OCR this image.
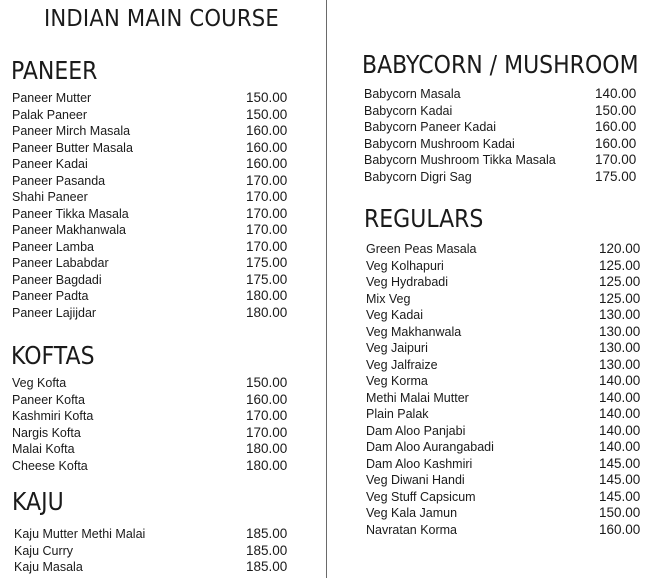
INDIAN MAIN COURSE
PANEER
Paneer Mutter	150.00
Palak Paneer	150.00
Paneer Mirch Masala	160.00
Paneer Butter Masala	160.00
Paneer Kadai	160.00
Paneer Pasanda	170.00
Shahi Paneer	170.00
Paneer Tikka Masala	170.00
Paneer Makhanwala	170.00
Paneer Lamba	170.00
Paneer Lababdar	175.00
Paneer Bagdadi	175.00
Paneer Padta	180.00
Paneer Lajijdar	180.00
KOFTAS
Veg Kofta	150.00
Paneer Kofta	160.00
Kashmiri Kofta	170.00
Nargis Kofta	170.00
Malai Kofta	180.00
Cheese Kofta	180.00
KAJU
Kaju Mutter Methi Malai	185.00
Kaju Curry	185.00
Kaju Masala	185.00
BABYCORN / MUSHROOM
Babycorn Masala	140.00
Babycorn Kadai	150.00
Babycorn Paneer Kadai	160.00
Babycorn Mushroom Kadai	160.00
Babycorn Mushroom Tikka Masala	170.00
Babycorn Digri Sag	175.00
REGULARS
Green Peas Masala	120.00
Veg Kolhapuri	125.00
Veg Hydrabadi	125.00
Mix Veg	125.00
Veg Kadai	130.00
Veg Makhanwala	130.00
Veg Jaipuri	130.00
Veg Jalfraize	130.00
Veg Korma	140.00
Methi Malai Mutter	140.00
Plain Palak	140.00
Dam Aloo Panjabi	140.00
Dam Aloo Aurangabadi	140.00
Dam Aloo Kashmiri	145.00
Veg Diwani Handi	145.00
Veg Stuff Capsicum	145.00
Veg Kala Jamun	150.00
Navratan Korma	160.00
